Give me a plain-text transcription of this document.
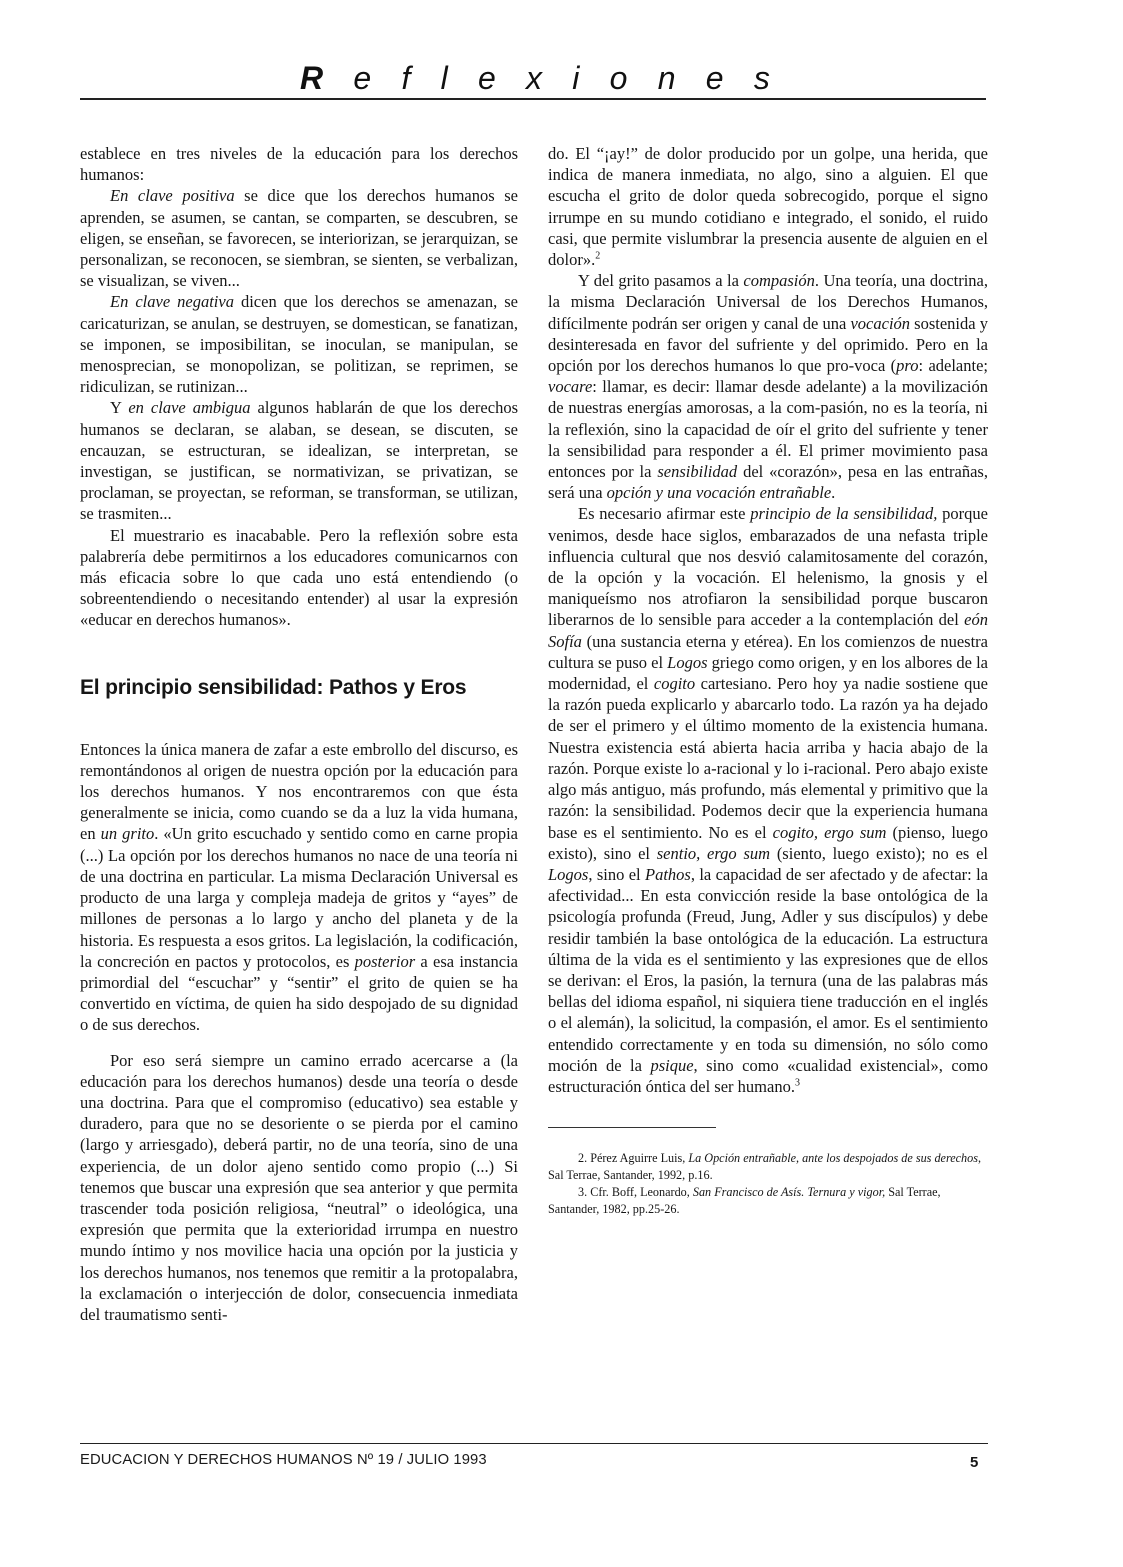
R e f l e x i o n e s

establece en tres niveles de la educación para los derechos humanos:

En clave positiva se dice que los derechos humanos se aprenden, se asumen, se cantan, se comparten, se descubren, se eligen, se enseñan, se favorecen, se interiorizan, se jerarquizan, se personalizan, se reconocen, se siembran, se sienten, se verbalizan, se visualizan, se viven...

En clave negativa dicen que los derechos se amenazan, se caricaturizan, se anulan, se destruyen, se domestican, se fanatizan, se imponen, se imposibilitan, se inoculan, se manipulan, se menosprecian, se monopolizan, se politizan, se reprimen, se ridiculizan, se rutinizan...

Y en clave ambigua algunos hablarán de que los derechos humanos se declaran, se alaban, se desean, se discuten, se encauzan, se estructuran, se idealizan, se interpretan, se investigan, se justifican, se normativizan, se privatizan, se proclaman, se proyectan, se reforman, se transforman, se utilizan, se trasmiten...

El muestrario es inacabable. Pero la reflexión sobre esta palabrería debe permitirnos a los educadores comunicarnos con más eficacia sobre lo que cada uno está entendiendo (o sobreentendiendo o necesitando entender) al usar la expresión «educar en derechos humanos».

El principio sensibilidad: Pathos y Eros

Entonces la única manera de zafar a este embrollo del discurso, es remontándonos al origen de nuestra opción por la educación para los derechos humanos. Y nos encontraremos con que ésta generalmente se inicia, como cuando se da a luz la vida humana, en un grito. «Un grito escuchado y sentido como en carne propia (...) La opción por los derechos humanos no nace de una teoría ni de una doctrina en particular. La misma Declaración Universal es producto de una larga y compleja madeja de gritos y “ayes” de millones de personas a lo largo y ancho del planeta y de la historia. Es respuesta a esos gritos. La legislación, la codificación, la concreción en pactos y protocolos, es posterior a esa instancia primordial del “escuchar” y “sentir” el grito de quien se ha convertido en víctima, de quien ha sido despojado de su dignidad o de sus derechos.

Por eso será siempre un camino errado acercarse a (la educación para los derechos humanos) desde una teoría o desde una doctrina. Para que el compromiso (educativo) sea estable y duradero, para que no se desoriente o se pierda por el camino (largo y arriesgado), deberá partir, no de una teoría, sino de una experiencia, de un dolor ajeno sentido como propio (...) Si tenemos que buscar una expresión que sea anterior y que permita trascender toda posición religiosa, “neutral” o ideológica, una expresión que permita que la exterioridad irrumpa en nuestro mundo íntimo y nos movilice hacia una opción por la justicia y los derechos humanos, nos tenemos que remitir a la protopalabra, la exclamación o interjección de dolor, consecuencia inmediata del traumatismo senti-

do. El “¡ay!” de dolor producido por un golpe, una herida, que indica de manera inmediata, no algo, sino a alguien. El que escucha el grito de dolor queda sobrecogido, porque el signo irrumpe en su mundo cotidiano e integrado, el sonido, el ruido casi, que permite vislumbrar la presencia ausente de alguien en el dolor».$^2$

Y del grito pasamos a la compasión. Una teoría, una doctrina, la misma Declaración Universal de los Derechos Humanos, difícilmente podrán ser origen y canal de una vocación sostenida y desinteresada en favor del sufriente y del oprimido. Pero en la opción por los derechos humanos lo que pro-voca (pro: adelante; vocare: llamar, es decir: llamar desde adelante) a la movilización de nuestras energías amorosas, a la com-pasión, no es la teoría, ni la reflexión, sino la capacidad de oír el grito del sufriente y tener la sensibilidad para responder a él. El primer movimiento pasa entonces por la sensibilidad del «corazón», pesa en las entrañas, será una opción y una vocación entrañable.

Es necesario afirmar este principio de la sensibilidad, porque venimos, desde hace siglos, embarazados de una nefasta triple influencia cultural que nos desvió calamitosamente del corazón, de la opción y la vocación. El helenismo, la gnosis y el maniqueísmo nos atrofiaron la sensibilidad porque buscaron liberarnos de lo sensible para acceder a la contemplación del eón Sofía (una sustancia eterna y etérea). En los comienzos de nuestra cultura se puso el Logos griego como origen, y en los albores de la modernidad, el cogito cartesiano. Pero hoy ya nadie sostiene que la razón pueda explicarlo y abarcarlo todo. La razón ya ha dejado de ser el primero y el último momento de la existencia humana. Nuestra existencia está abierta hacia arriba y hacia abajo de la razón. Porque existe lo a-racional y lo i-racional. Pero abajo existe algo más antiguo, más profundo, más elemental y primitivo que la razón: la sensibilidad. Podemos decir que la experiencia humana base es el sentimiento. No es el cogito, ergo sum (pienso, luego existo), sino el sentio, ergo sum (siento, luego existo); no es el Logos, sino el Pathos, la capacidad de ser afectado y de afectar: la afectividad... En esta convicción reside la base ontológica de la psicología profunda (Freud, Jung, Adler y sus discípulos) y debe residir también la base ontológica de la educación. La estructura última de la vida es el sentimiento y las expresiones que de ellos se derivan: el Eros, la pasión, la ternura (una de las palabras más bellas del idioma español, ni siquiera tiene traducción en el inglés o el alemán), la solicitud, la compasión, el amor. Es el sentimiento entendido correctamente y en toda su dimensión, no sólo como moción de la psique, sino como «cualidad existencial», como estructuración óntica del ser humano.$^3$

2. Pérez Aguirre Luis, La Opción entrañable, ante los despojados de sus derechos, Sal Terrae, Santander, 1992, p.16.

3. Cfr. Boff, Leonardo, San Francisco de Asís. Ternura y vigor, Sal Terrae, Santander, 1982, pp.25-26.

EDUCACION Y DERECHOS HUMANOS Nº 19 / JULIO 1993	5
